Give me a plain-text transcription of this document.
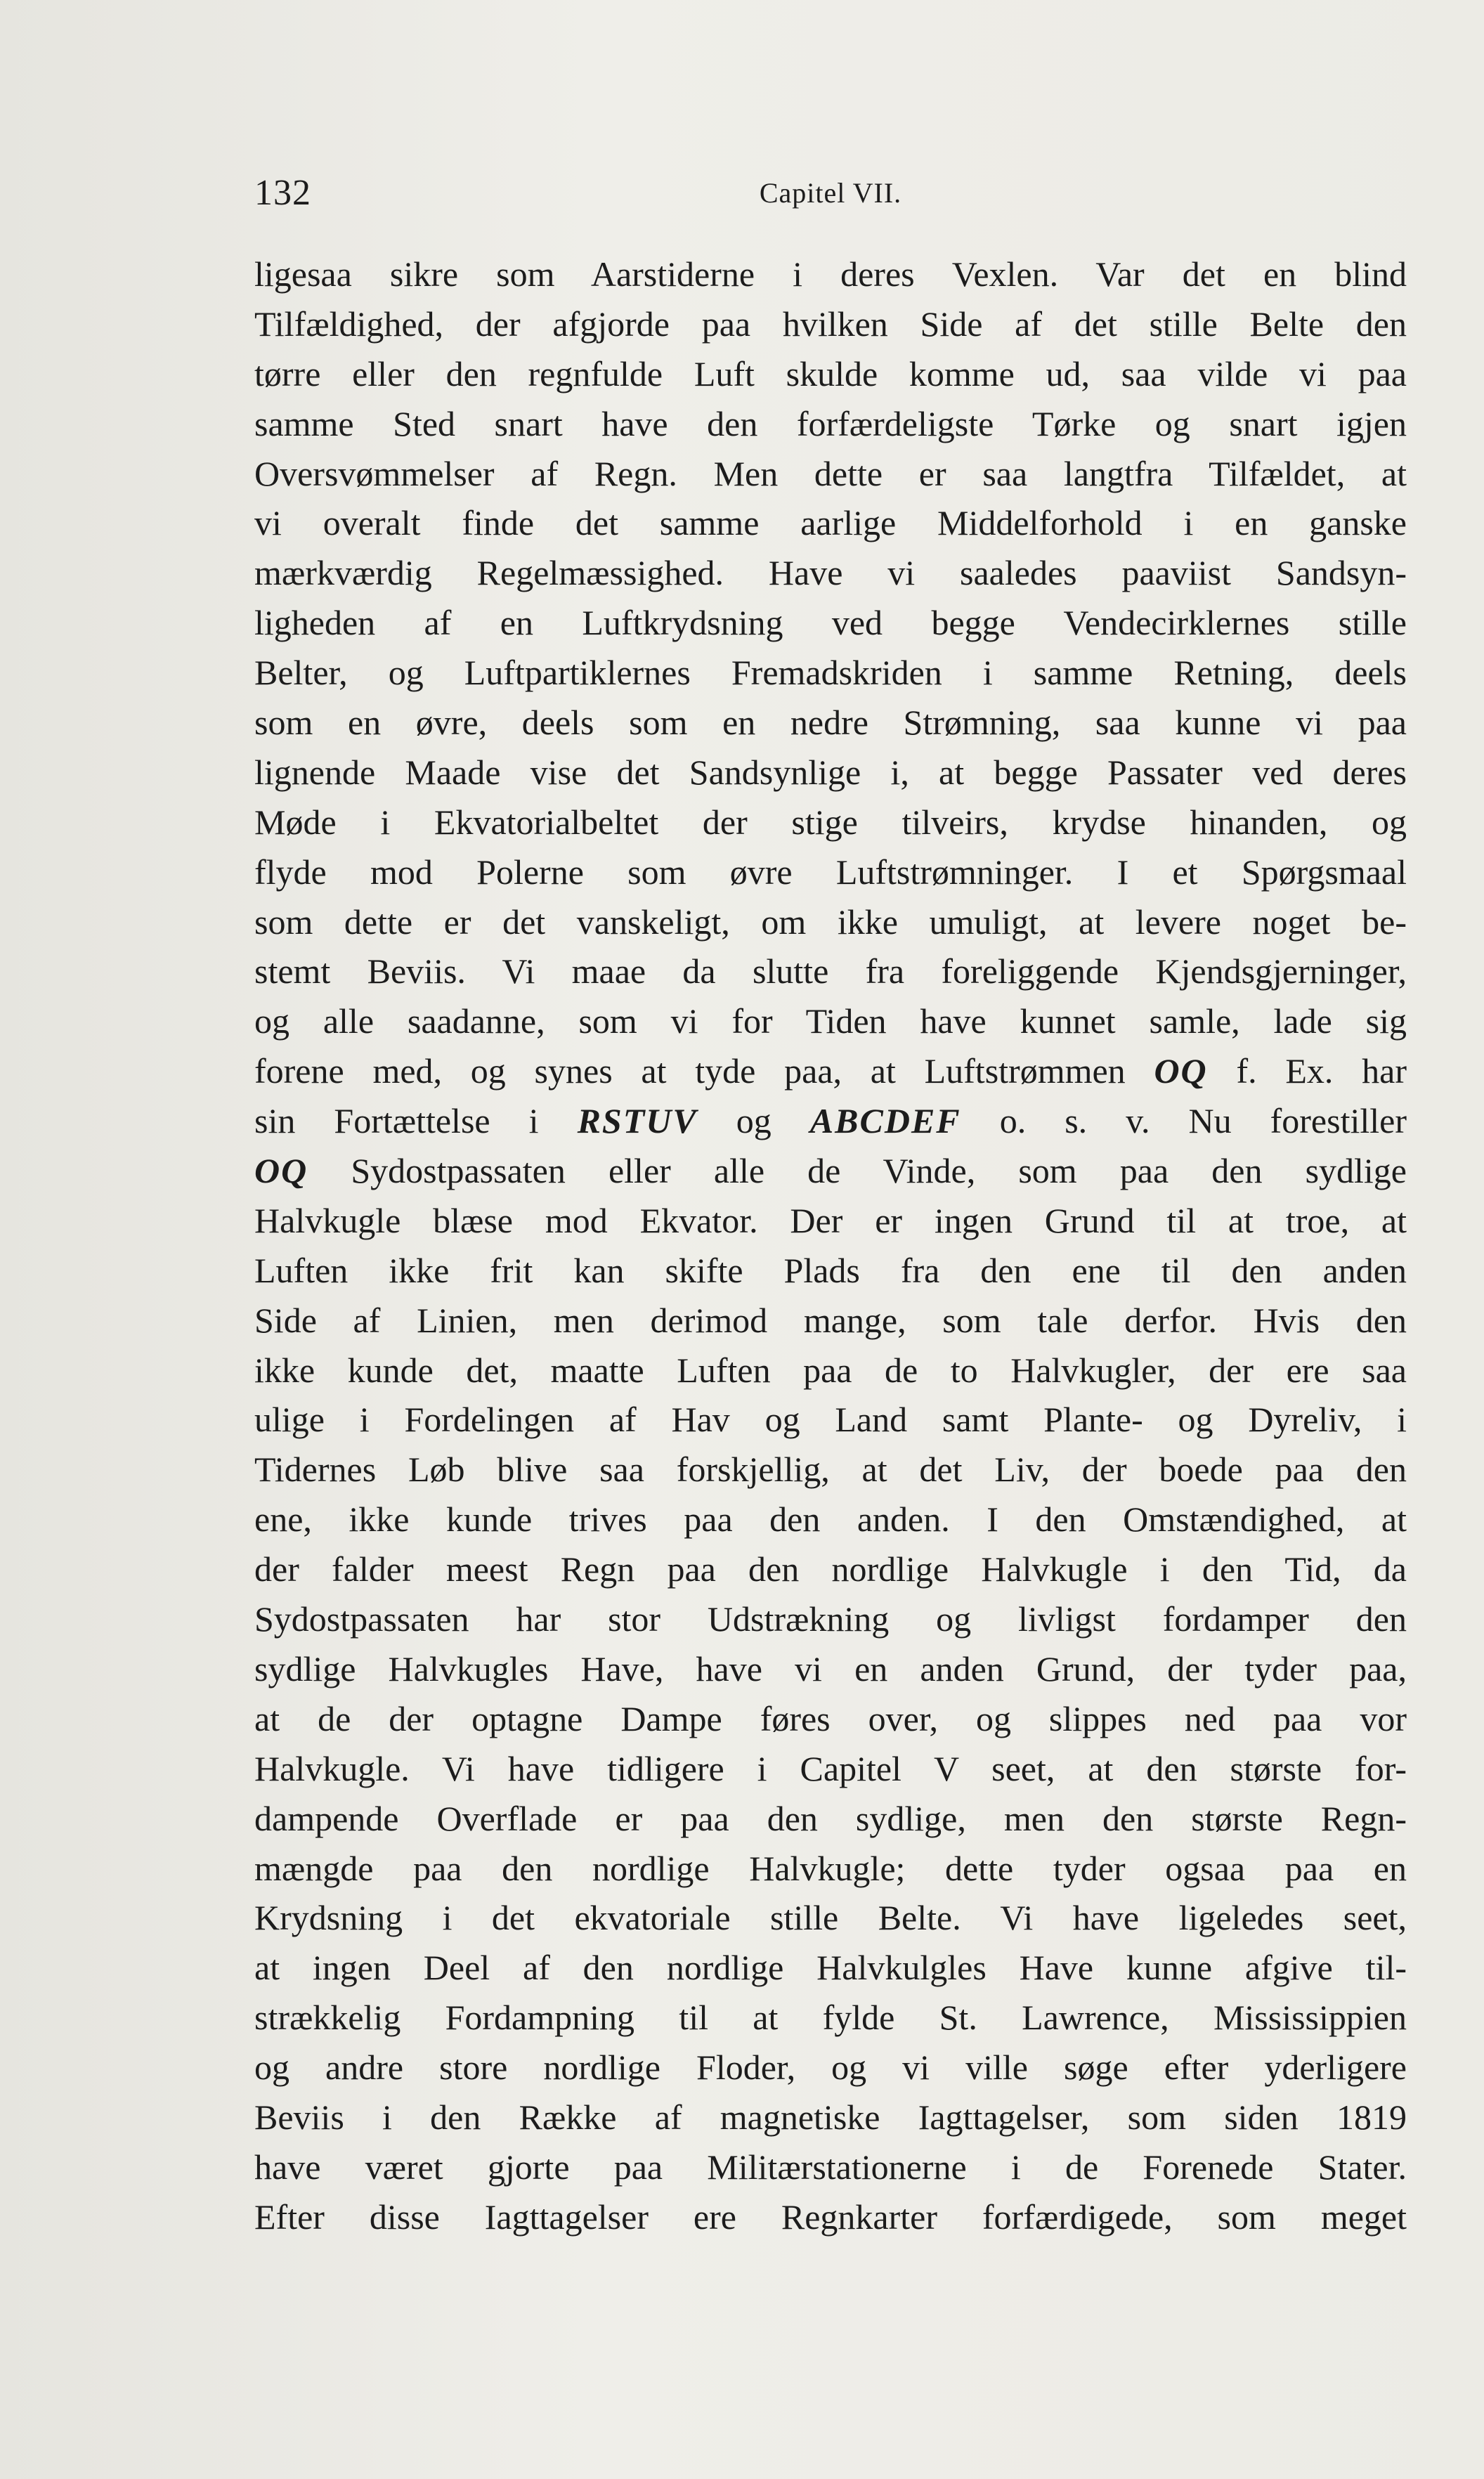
132	Capitel VII.
ligesaa sikre som Aarstiderne i deres Vexlen. Var det en blind
Tilfældighed, der afgjorde paa hvilken Side af det stille Belte den
tørre eller den regnfulde Luft skulde komme ud, saa vilde vi paa
samme Sted snart have den forfærdeligste Tørke og snart igjen
Oversvømmelser af Regn. Men dette er saa langtfra Tilfældet, at
vi overalt finde det samme aarlige Middelforhold i en ganske
mærkværdig Regelmæssighed. Have vi saaledes paaviist Sandsyn-
ligheden af en Luftkrydsning ved begge Vendecirklernes stille
Belter, og Luftpartiklernes Fremadskriden i samme Retning, deels
som en øvre, deels som en nedre Strømning, saa kunne vi paa
lignende Maade vise det Sandsynlige i, at begge Passater ved deres
Møde i Ekvatorialbeltet der stige tilveirs, krydse hinanden, og
flyde mod Polerne som øvre Luftstrømninger. I et Spørgsmaal
som dette er det vanskeligt, om ikke umuligt, at levere noget be-
stemt Beviis. Vi maae da slutte fra foreliggende Kjendsgjerninger,
og alle saadanne, som vi for Tiden have kunnet samle, lade sig
forene med, og synes at tyde paa, at Luftstrømmen OQ f. Ex. har
sin Fortættelse i RSTUV og ABCDEF o. s. v. Nu forestiller
OQ Sydostpassaten eller alle de Vinde, som paa den sydlige
Halvkugle blæse mod Ekvator. Der er ingen Grund til at troe, at
Luften ikke frit kan skifte Plads fra den ene til den anden
Side af Linien, men derimod mange, som tale derfor. Hvis den
ikke kunde det, maatte Luften paa de to Halvkugler, der ere saa
ulige i Fordelingen af Hav og Land samt Plante- og Dyreliv, i
Tidernes Løb blive saa forskjellig, at det Liv, der boede paa den
ene, ikke kunde trives paa den anden. I den Omstændighed, at
der falder meest Regn paa den nordlige Halvkugle i den Tid, da
Sydostpassaten har stor Udstrækning og livligst fordamper den
sydlige Halvkugles Have, have vi en anden Grund, der tyder paa,
at de der optagne Dampe føres over, og slippes ned paa vor
Halvkugle. Vi have tidligere i Capitel V seet, at den største for-
dampende Overflade er paa den sydlige, men den største Regn-
mængde paa den nordlige Halvkugle; dette tyder ogsaa paa en
Krydsning i det ekvatoriale stille Belte. Vi have ligeledes seet,
at ingen Deel af den nordlige Halvkulgles Have kunne afgive til-
strækkelig Fordampning til at fylde St. Lawrence, Mississippien
og andre store nordlige Floder, og vi ville søge efter yderligere
Beviis i den Række af magnetiske Iagttagelser, som siden 1819
have været gjorte paa Militærstationerne i de Forenede Stater.
Efter disse Iagttagelser ere Regnkarter forfærdigede, som meget
